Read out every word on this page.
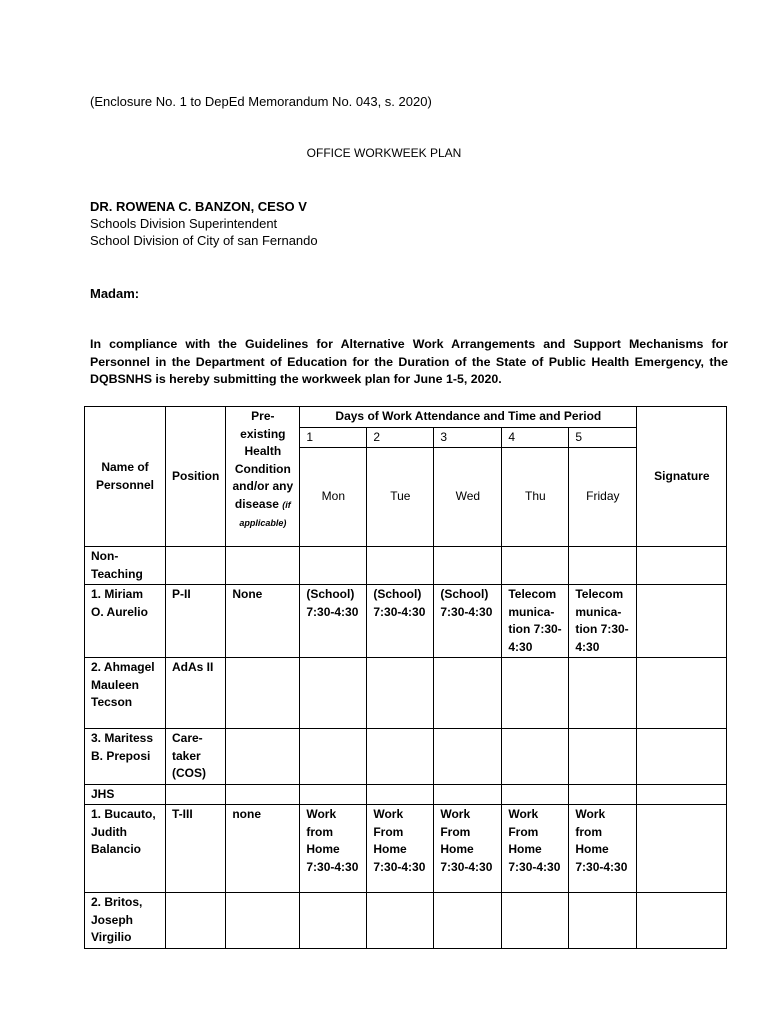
(Enclosure No. 1 to DepEd Memorandum No. 043, s. 2020)
OFFICE WORKWEEK PLAN
DR. ROWENA C. BANZON, CESO V
Schools Division Superintendent
School Division of City of san Fernando
Madam:
In compliance with the Guidelines for Alternative Work Arrangements and Support Mechanisms for Personnel in the Department of Education for the Duration of the State of Public Health Emergency, the DQBSNHS is hereby submitting the workweek plan for June 1-5, 2020.
Name of Personnel	Position	Pre-existing Health Condition and/or any disease (if applicable)	Days of Work Attendance and Time and Period					Signature
			1	2	3	4	5	
			Mon	Tue	Wed	Thu	Friday	
Non-Teaching								
1. Miriam O. Aurelio	P-II	None	(School) 7:30-4:30	(School) 7:30-4:30	(School) 7:30-4:30	Telecom munica-tion 7:30-4:30	Telecom munica-tion 7:30-4:30	
2. Ahmagel Mauleen Tecson	AdAs II							
3. Maritess B. Preposi	Care-taker (COS)							
JHS								
1. Bucauto, Judith Balancio	T-III	none	Work from Home 7:30-4:30	Work From Home 7:30-4:30	Work From Home 7:30-4:30	Work From Home 7:30-4:30	Work from Home 7:30-4:30	
2. Britos, Joseph Virgilio								
